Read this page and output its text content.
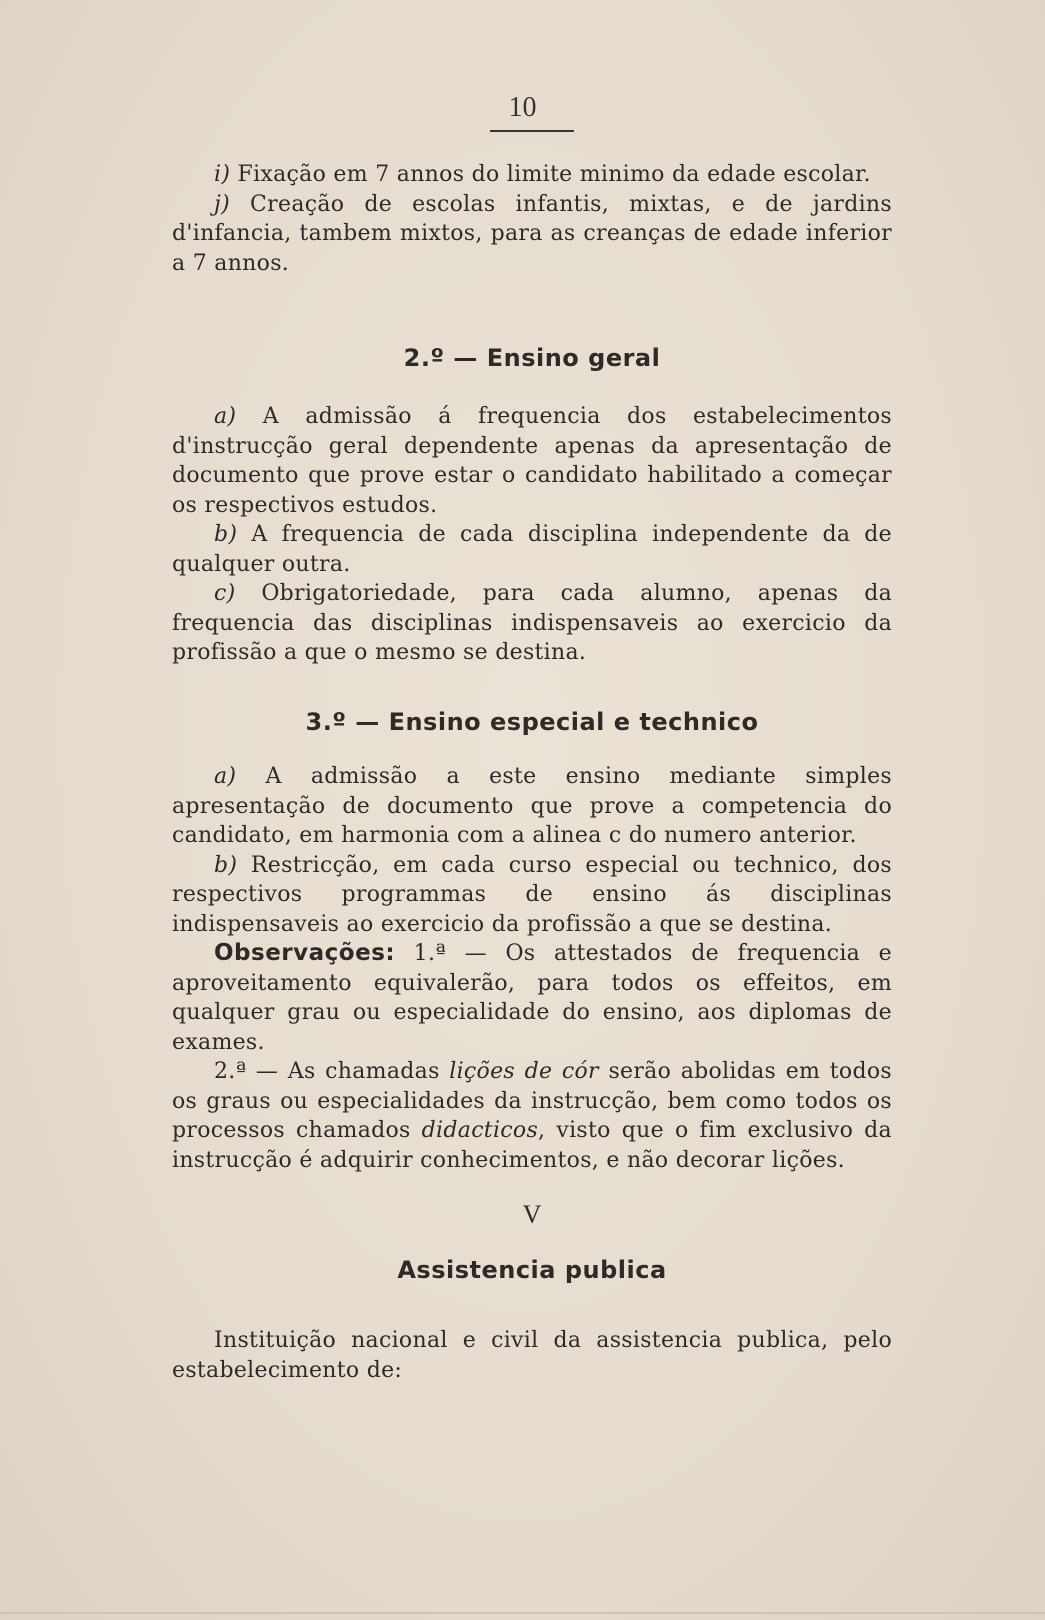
10

i) Fixação em 7 annos do limite minimo da edade escolar.

j) Creação de escolas infantis, mixtas, e de jardins d'infancia, tambem mixtos, para as creanças de edade inferior a 7 annos.

2.º — Ensino geral

a) A admissão á frequencia dos estabelecimentos d'instrucção geral dependente apenas da apresentação de documento que prove estar o candidato habilitado a começar os respectivos estudos.

b) A frequencia de cada disciplina independente da de qualquer outra.

c) Obrigatoriedade, para cada alumno, apenas da frequencia das disciplinas indispensaveis ao exercicio da profissão a que o mesmo se destina.

3.º — Ensino especial e technico

a) A admissão a este ensino mediante simples apresentação de documento que prove a competencia do candidato, em harmonia com a alinea c do numero anterior.

b) Restricção, em cada curso especial ou technico, dos respectivos programmas de ensino ás disciplinas indispensaveis ao exercicio da profissão a que se destina.

Observações: 1.ª — Os attestados de frequencia e aproveitamento equivalerão, para todos os effeitos, em qualquer grau ou especialidade do ensino, aos diplomas de exames.

2.ª — As chamadas lições de cór serão abolidas em todos os graus ou especialidades da instrucção, bem como todos os processos chamados didacticos, visto que o fim exclusivo da instrucção é adquirir conhecimentos, e não decorar lições.

V
Assistencia publica

Instituição nacional e civil da assistencia publica, pelo estabelecimento de:
